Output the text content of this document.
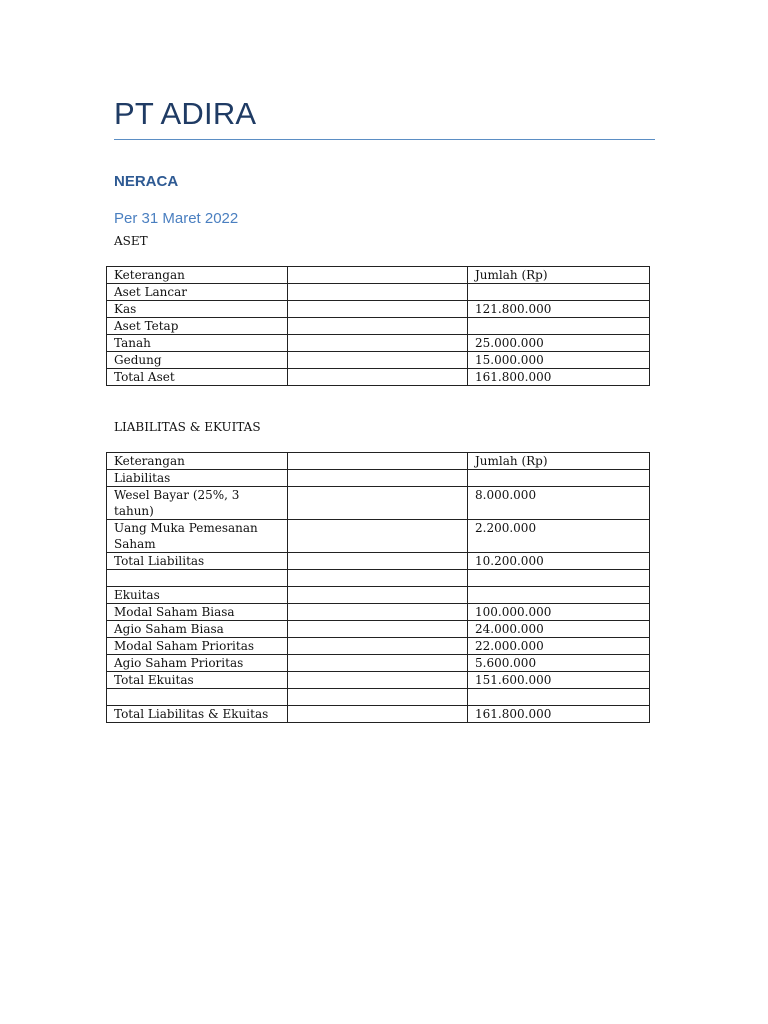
PT ADIRA
NERACA
Per 31 Maret 2022

ASET

Keterangan		Jumlah (Rp)
Aset Lancar		
Kas		121.800.000
Aset Tetap		
Tanah		25.000.000
Gedung		15.000.000
Total Aset		161.800.000

LIABILITAS & EKUITAS

Keterangan		Jumlah (Rp)
Liabilitas		
Wesel Bayar (25%, 3 tahun)		8.000.000
Uang Muka Pemesanan Saham		2.200.000
Total Liabilitas		10.200.000

Ekuitas		
Modal Saham Biasa		100.000.000
Agio Saham Biasa		24.000.000
Modal Saham Prioritas		22.000.000
Agio Saham Prioritas		5.600.000
Total Ekuitas		151.600.000

Total Liabilitas & Ekuitas		161.800.000
